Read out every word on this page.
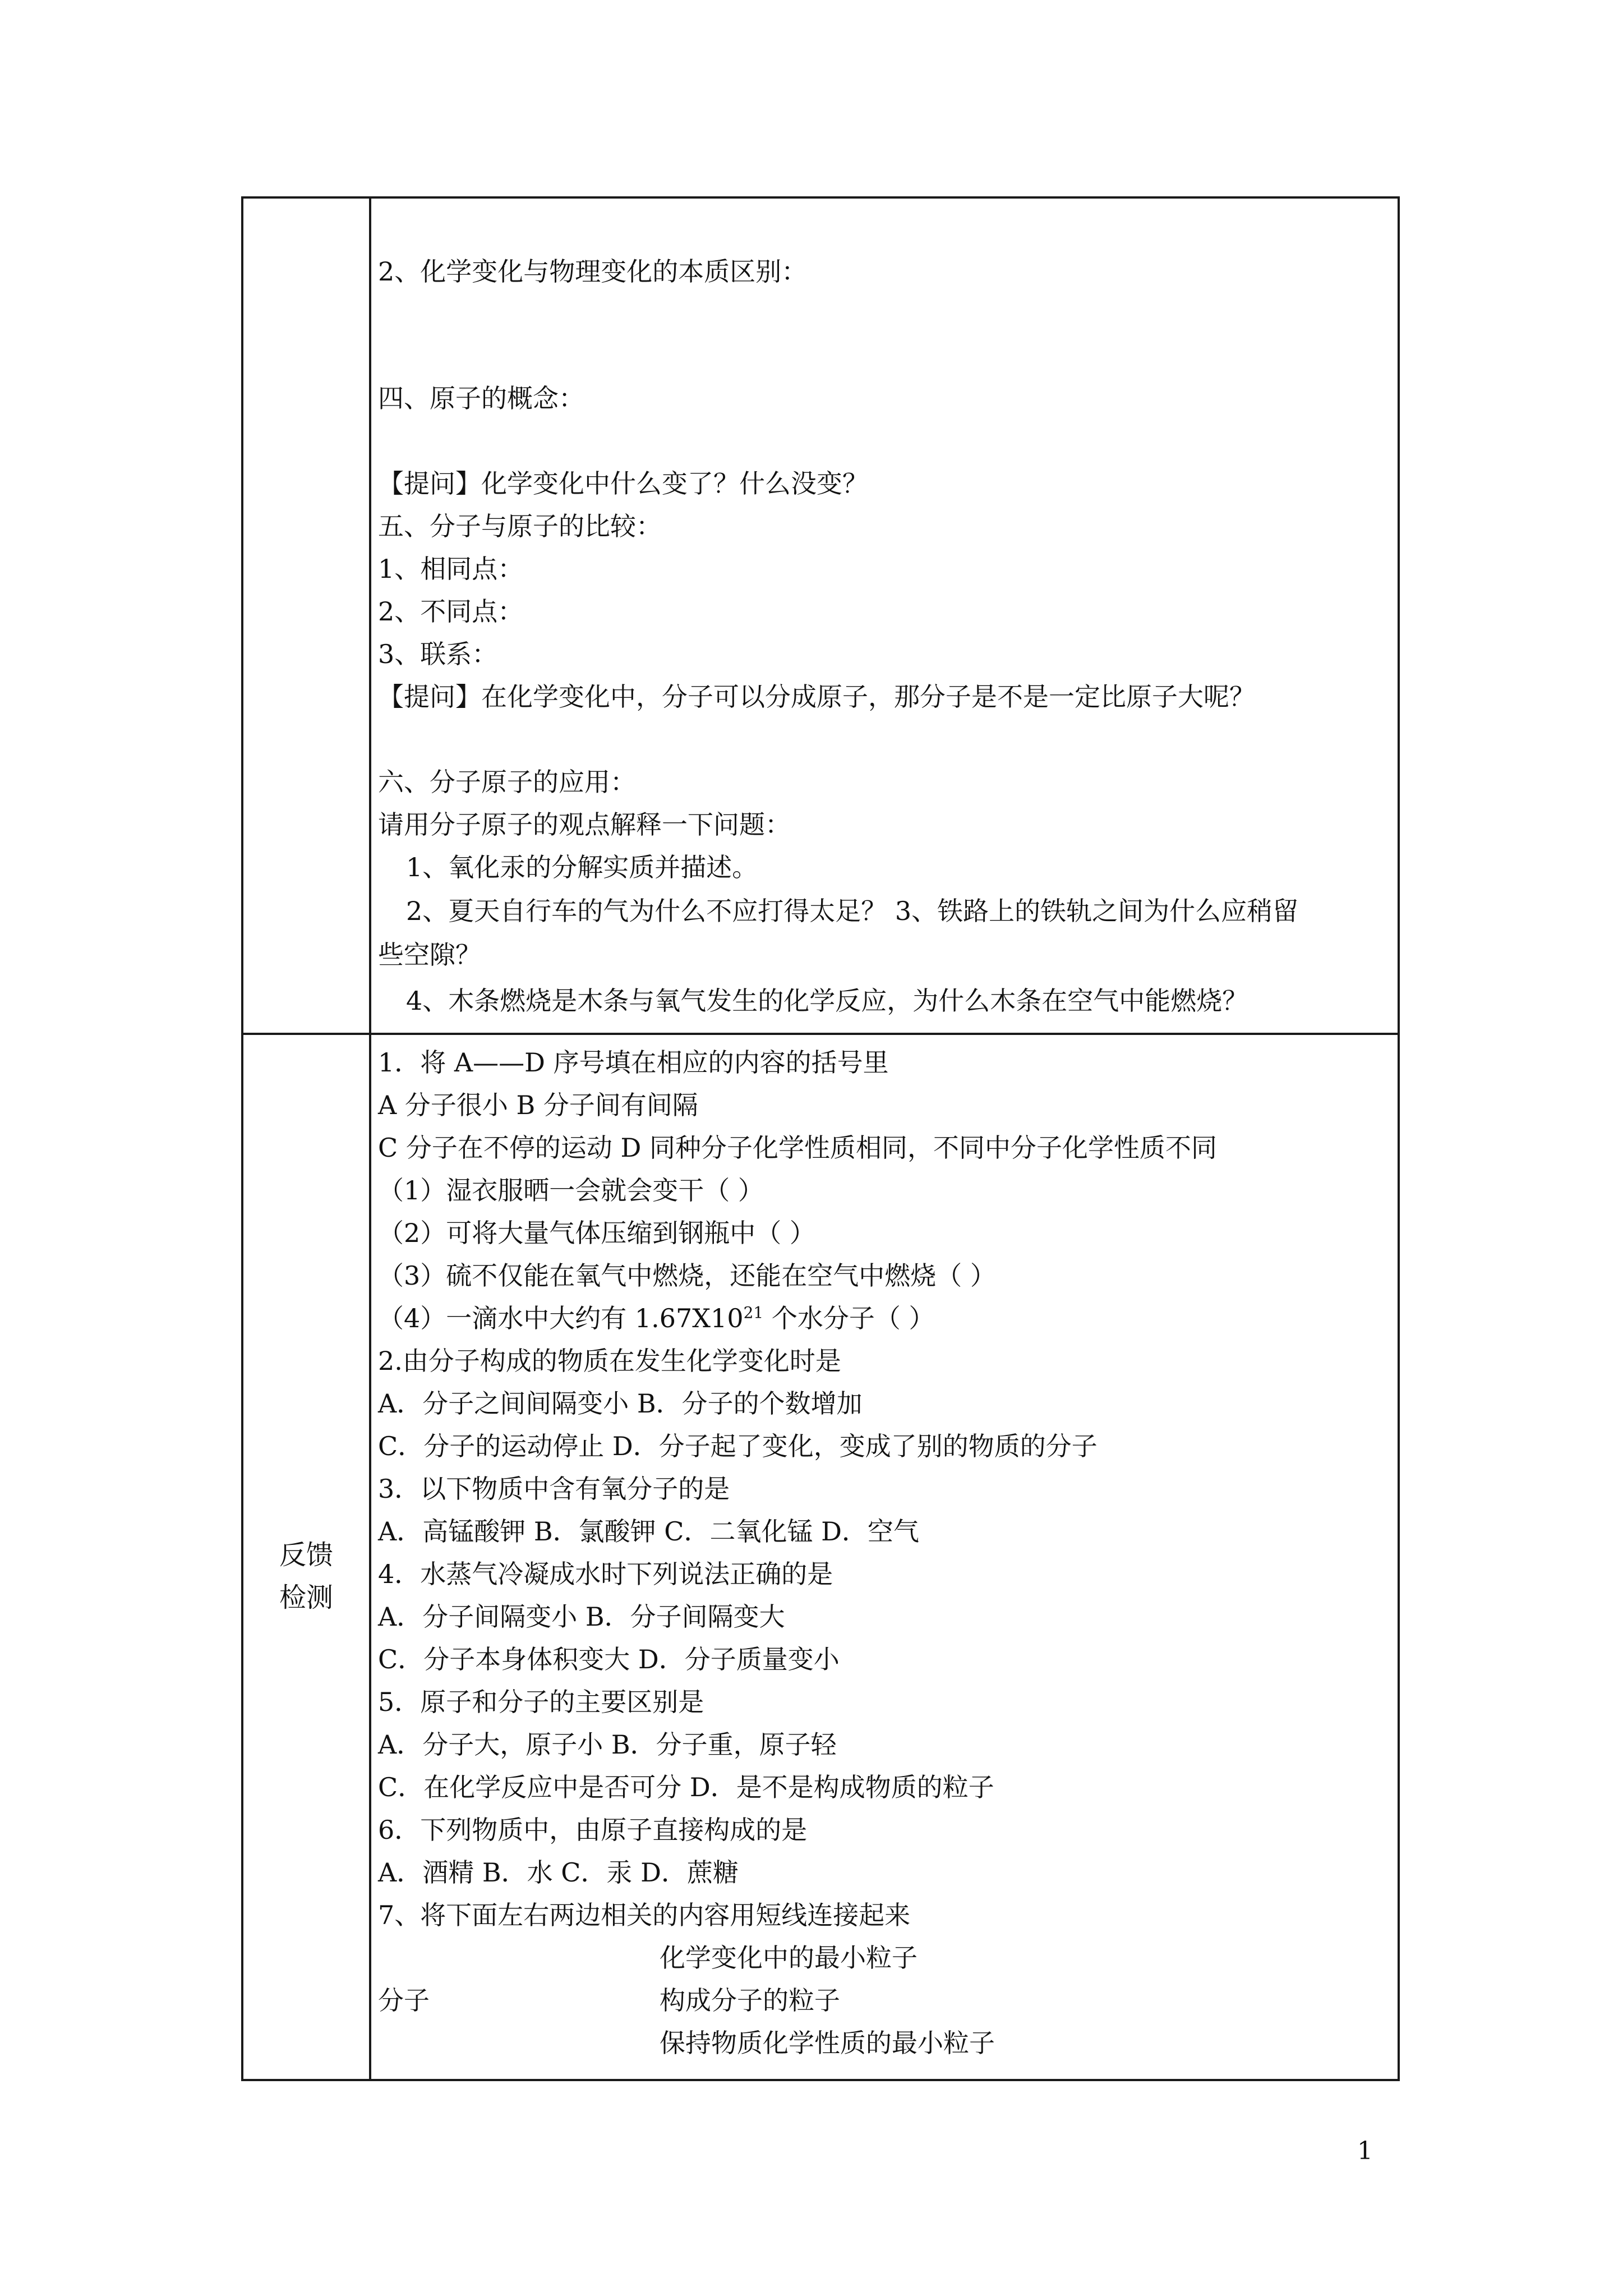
2、化学变化与物理变化的本质区别：
四、原子的概念：
【提问】化学变化中什么变了？什么没变？
五、分子与原子的比较：
1、相同点：
2、不同点：
3、联系：
【提问】在化学变化中，分子可以分成原子，那分子是不是一定比原子大呢？
六、分子原子的应用：
请用分子原子的观点解释一下问题：
1、氧化汞的分解实质并描述。
2、夏天自行车的气为什么不应打得太足？ 3、铁路上的铁轨之间为什么应稍留
些空隙？
4、木条燃烧是木条与氧气发生的化学反应，为什么木条在空气中能燃烧？
反馈
检测
1．将 A——D 序号填在相应的内容的括号里
A 分子很小 B 分子间有间隔
C 分子在不停的运动 D 同种分子化学性质相同，不同中分子化学性质不同
（1）湿衣服晒一会就会变干（ ）
（2）可将大量气体压缩到钢瓶中（ ）
（3）硫不仅能在氧气中燃烧，还能在空气中燃烧（ ）
（4）一滴水中大约有 $1.67X10^{21}$ 个水分子（ ）
2.由分子构成的物质在发生化学变化时是
A．分子之间间隔变小 B．分子的个数增加
C．分子的运动停止 D．分子起了变化，变成了别的物质的分子
3．以下物质中含有氧分子的是
A．高锰酸钾 B．氯酸钾 C．二氧化锰 D．空气
4．水蒸气冷凝成水时下列说法正确的是
A．分子间隔变小 B．分子间隔变大
C．分子本身体积变大 D．分子质量变小
5．原子和分子的主要区别是
A．分子大，原子小 B．分子重，原子轻
C．在化学反应中是否可分 D．是不是构成物质的粒子
6．下列物质中，由原子直接构成的是
A．酒精 B．水 C．汞 D．蔗糖
7、将下面左右两边相关的内容用短线连接起来
化学变化中的最小粒子
分子	构成分子的粒子
保持物质化学性质的最小粒子
1
